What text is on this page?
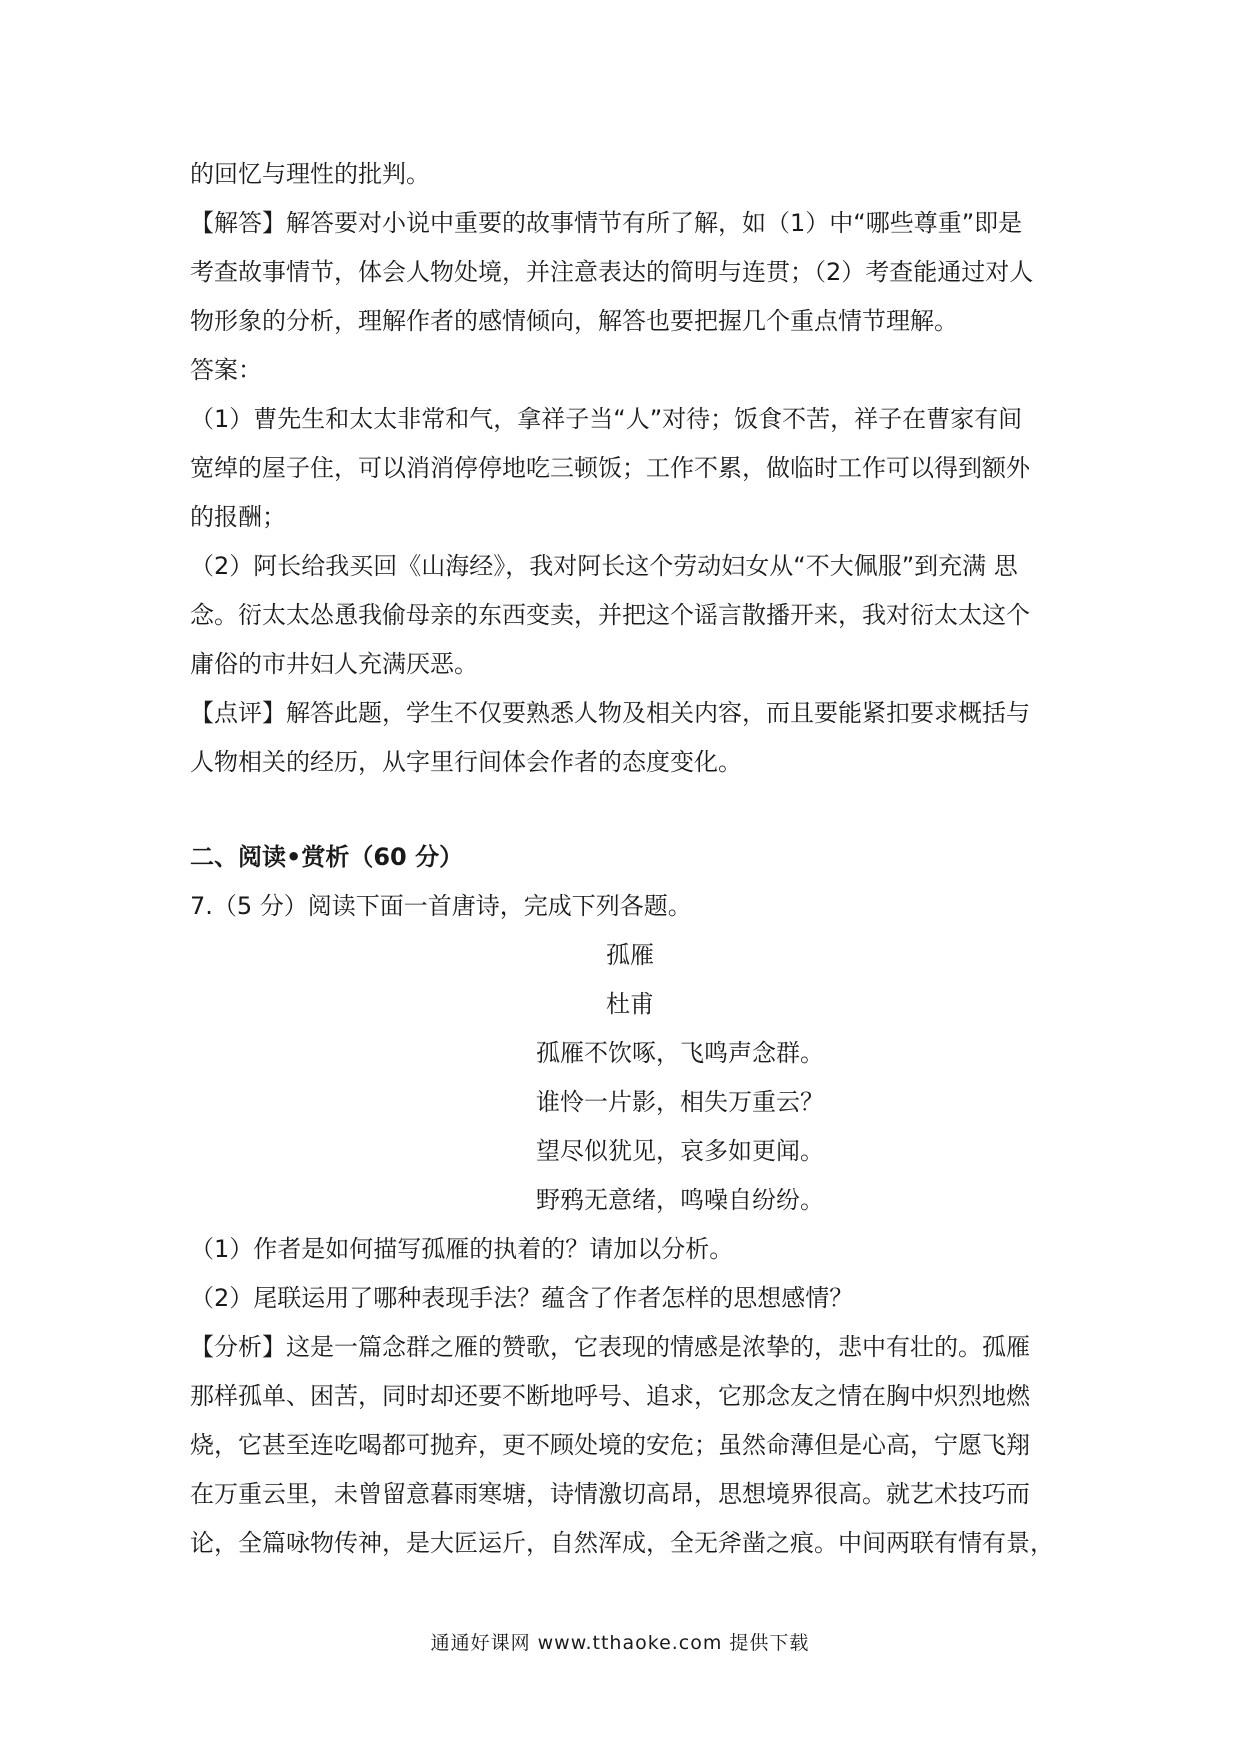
的回忆与理性的批判。
【解答】解答要对小说中重要的故事情节有所了解，如（1）中“哪些尊重”即是
考查故事情节，体会人物处境，并注意表达的简明与连贯；（2）考查能通过对人
物形象的分析，理解作者的感情倾向，解答也要把握几个重点情节理解。
答案：
（1）曹先生和太太非常和气，拿祥子当“人”对待；饭食不苦，祥子在曹家有间
宽绰的屋子住，可以消消停停地吃三顿饭；工作不累，做临时工作可以得到额外
的报酬；
（2）阿长给我买回《山海经》，我对阿长这个劳动妇女从“不大佩服”到充满 思
念。衍太太怂恿我偷母亲的东西变卖，并把这个谣言散播开来，我对衍太太这个
庸俗的市井妇人充满厌恶。
【点评】解答此题，学生不仅要熟悉人物及相关内容，而且要能紧扣要求概括与
人物相关的经历，从字里行间体会作者的态度变化。
二、阅读•赏析（60 分）
7.（5 分）阅读下面一首唐诗，完成下列各题。
孤雁
杜甫
孤雁不饮啄，飞鸣声念群。
谁怜一片影，相失万重云？
望尽似犹见，哀多如更闻。
野鸦无意绪，鸣噪自纷纷。
（1）作者是如何描写孤雁的执着的？请加以分析。
（2）尾联运用了哪种表现手法？蕴含了作者怎样的思想感情？
【分析】这是一篇念群之雁的赞歌，它表现的情感是浓挚的，悲中有壮的。孤雁
那样孤单、困苦，同时却还要不断地呼号、追求，它那念友之情在胸中炽烈地燃
烧，它甚至连吃喝都可抛弃，更不顾处境的安危；虽然命薄但是心高，宁愿飞翔
在万重云里，未曾留意暮雨寒塘，诗情激切高昂，思想境界很高。就艺术技巧而
论，全篇咏物传神，是大匠运斤，自然浑成，全无斧凿之痕。中间两联有情有景，
通通好课网 www.tthaoke.com 提供下载
